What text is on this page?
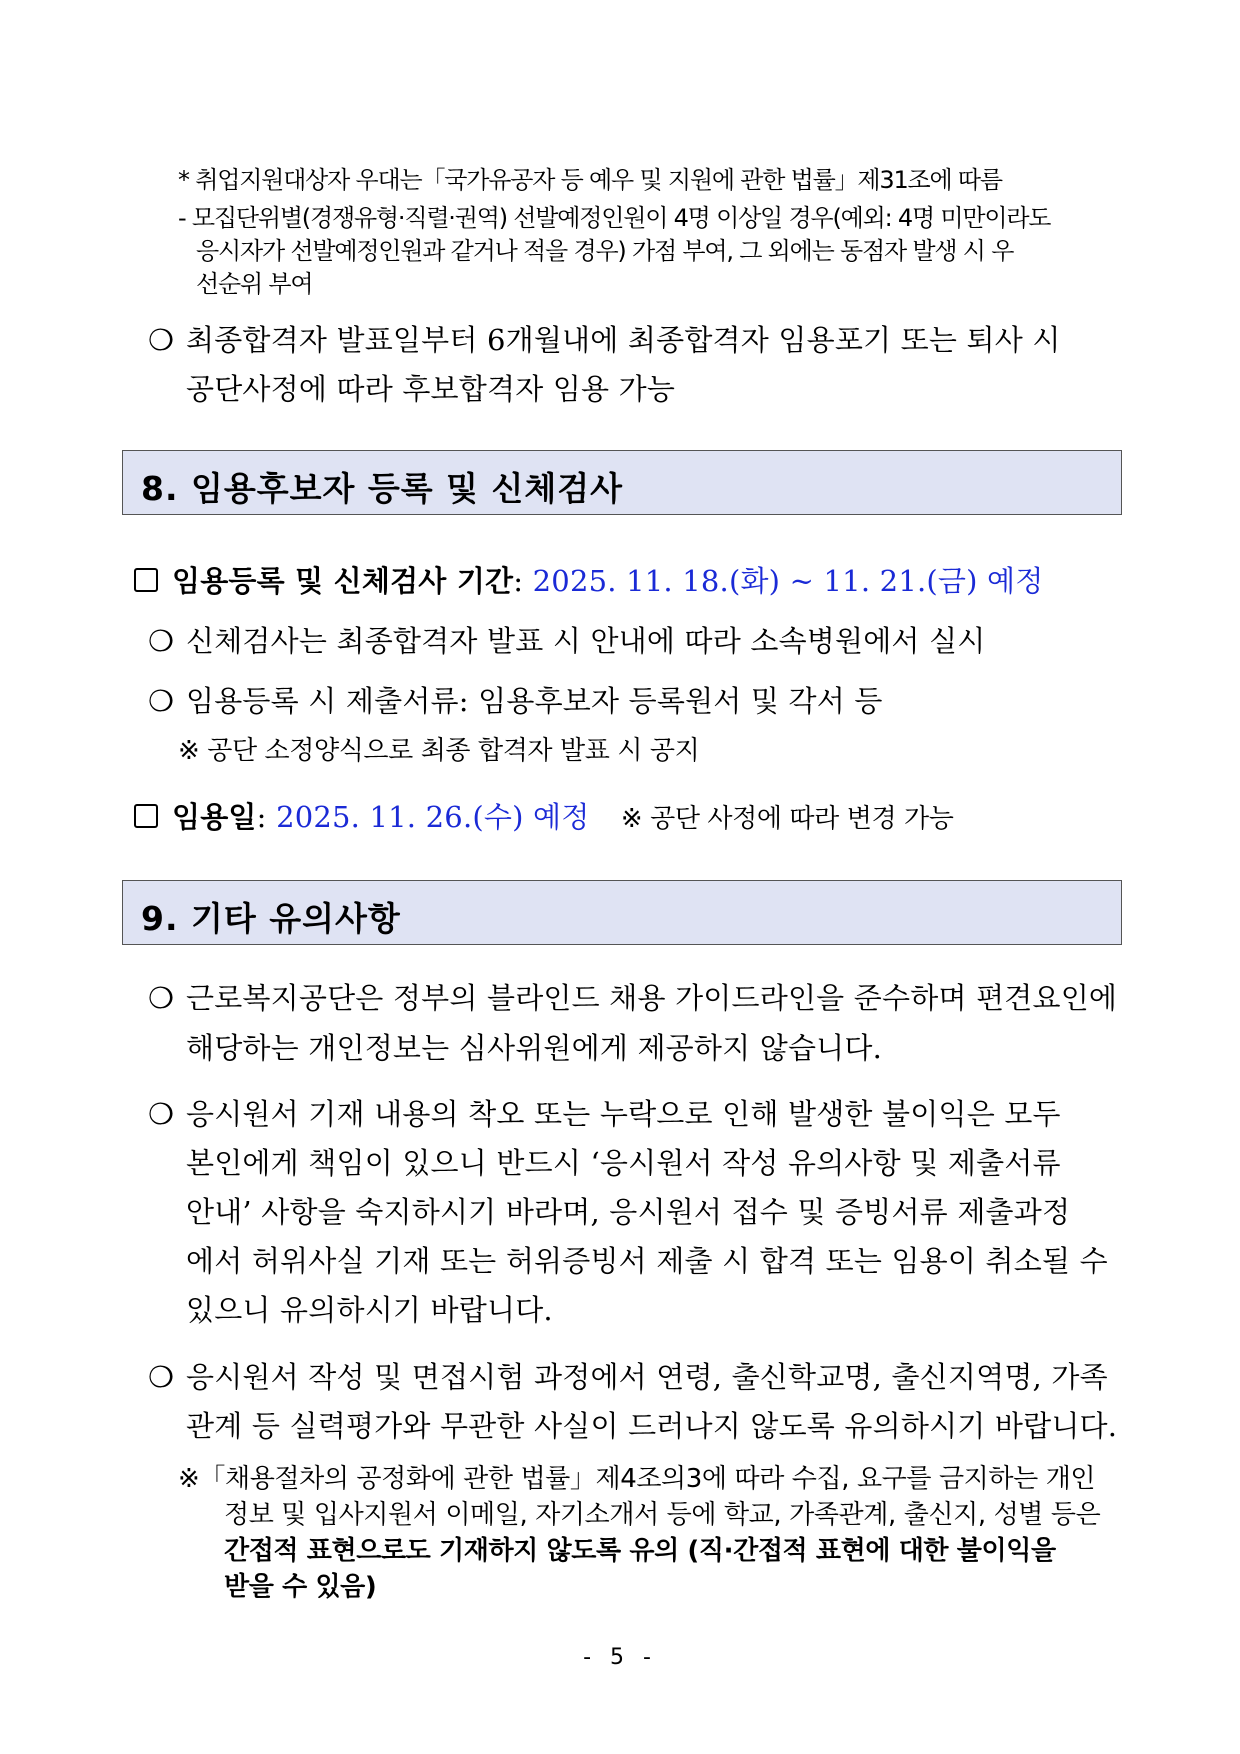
* 취업지원대상자 우대는「국가유공자 등 예우 및 지원에 관한 법률」제31조에 따름
- 모집단위별(경쟁유형·직렬·권역) 선발예정인원이 4명 이상일 경우(예외: 4명 미만이라도
응시자가 선발예정인원과 같거나 적을 경우) 가점 부여, 그 외에는 동점자 발생 시 우
선순위 부여
❍ 최종합격자 발표일부터 6개월내에 최종합격자 임용포기 또는 퇴사 시
공단사정에 따라 후보합격자 임용 가능
8. 임용후보자 등록 및 신체검사
임용등록 및 신체검사 기간: 2025. 11. 18.(화) ~ 11. 21.(금) 예정
❍ 신체검사는 최종합격자 발표 시 안내에 따라 소속병원에서 실시
❍ 임용등록 시 제출서류: 임용후보자 등록원서 및 각서 등
※ 공단 소정양식으로 최종 합격자 발표 시 공지
임용일: 2025. 11. 26.(수) 예정 ※ 공단 사정에 따라 변경 가능
9. 기타 유의사항
❍ 근로복지공단은 정부의 블라인드 채용 가이드라인을 준수하며 편견요인에
해당하는 개인정보는 심사위원에게 제공하지 않습니다.
❍ 응시원서 기재 내용의 착오 또는 누락으로 인해 발생한 불이익은 모두
본인에게 책임이 있으니 반드시 ‘응시원서 작성 유의사항 및 제출서류
안내’ 사항을 숙지하시기 바라며, 응시원서 접수 및 증빙서류 제출과정
에서 허위사실 기재 또는 허위증빙서 제출 시 합격 또는 임용이 취소될 수
있으니 유의하시기 바랍니다.
❍ 응시원서 작성 및 면접시험 과정에서 연령, 출신학교명, 출신지역명, 가족
관계 등 실력평가와 무관한 사실이 드러나지 않도록 유의하시기 바랍니다.
※「채용절차의 공정화에 관한 법률」제4조의3에 따라 수집, 요구를 금지하는 개인
정보 및 입사지원서 이메일, 자기소개서 등에 학교, 가족관계, 출신지, 성별 등은
간접적 표현으로도 기재하지 않도록 유의 (직·간접적 표현에 대한 불이익을
받을 수 있음)
- 5 -
